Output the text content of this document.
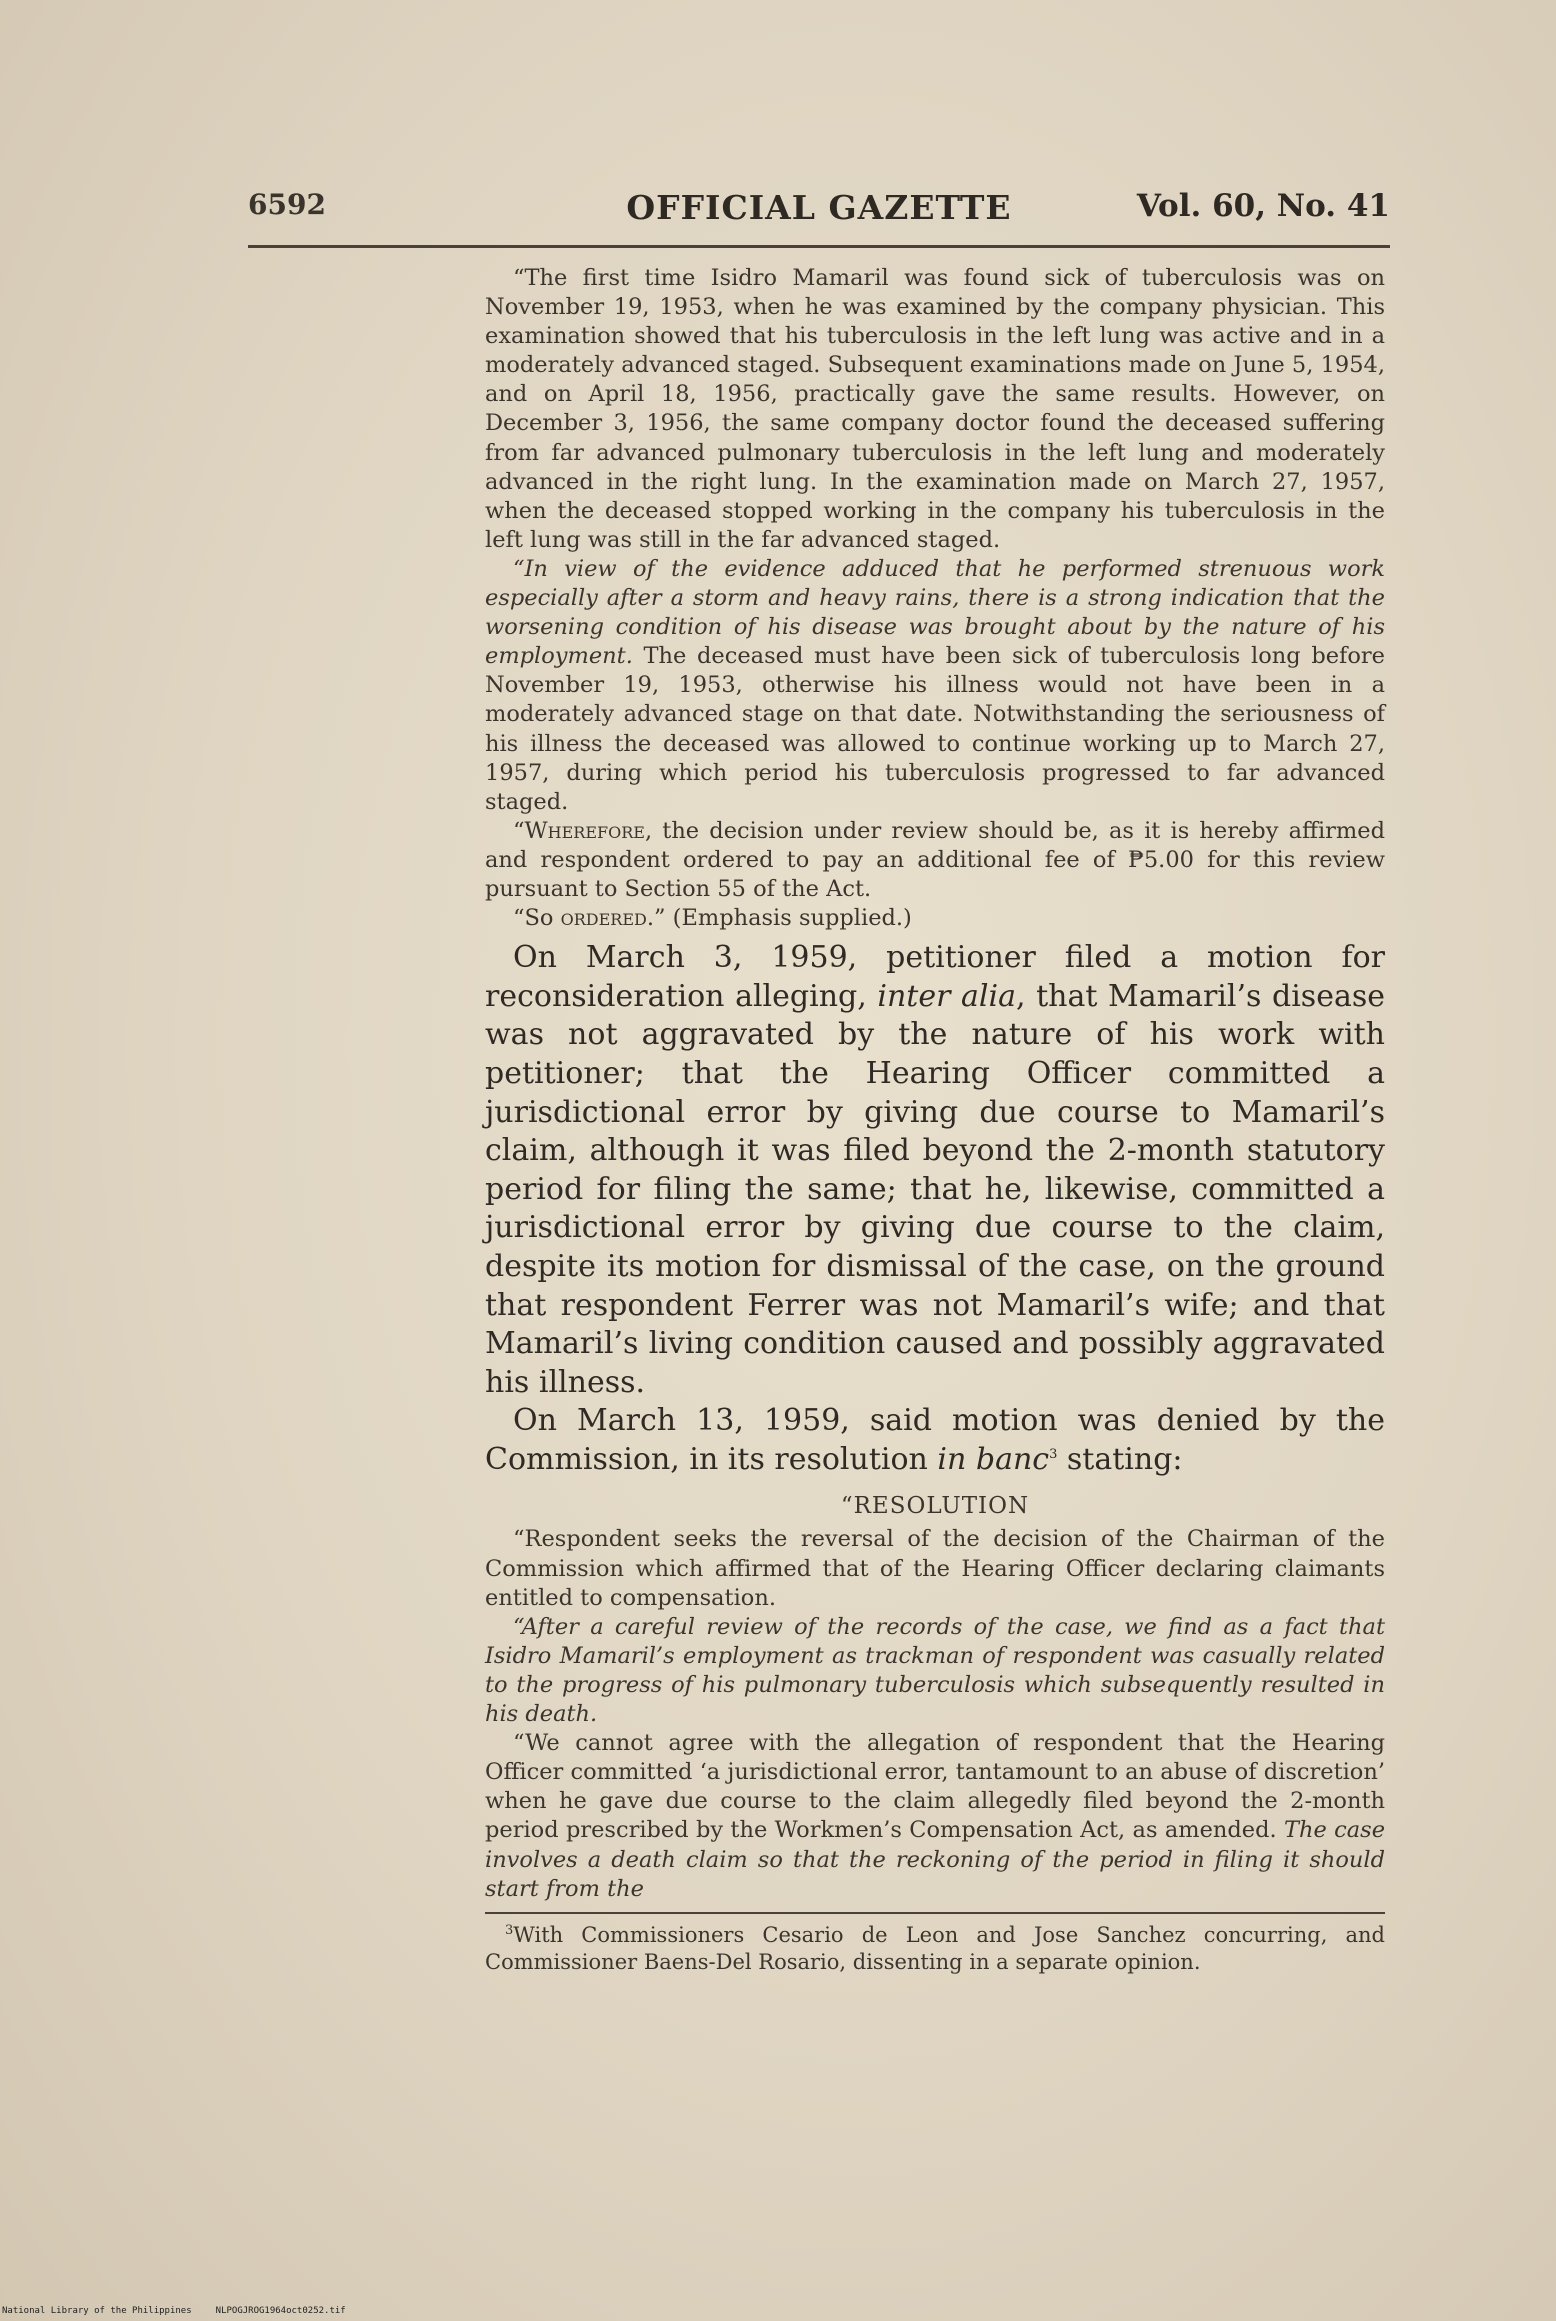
6592	OFFICIAL GAZETTE	Vol. 60, No. 41

“The first time Isidro Mamaril was found sick of tuberculosis was on November 19, 1953, when he was examined by the company physician. This examination showed that his tuberculosis in the left lung was active and in a moderately advanced staged. Subsequent examinations made on June 5, 1954, and on April 18, 1956, practically gave the same results. However, on December 3, 1956, the same company doctor found the deceased suffering from far advanced pulmonary tuberculosis in the left lung and moderately advanced in the right lung. In the examination made on March 27, 1957, when the deceased stopped working in the company his tuberculosis in the left lung was still in the far advanced staged.

“In view of the evidence adduced that he performed strenuous work especially after a storm and heavy rains, there is a strong indication that the worsening condition of his disease was brought about by the nature of his employment. The deceased must have been sick of tuberculosis long before November 19, 1953, otherwise his illness would not have been in a moderately advanced stage on that date. Notwithstanding the seriousness of his illness the deceased was allowed to continue working up to March 27, 1957, during which period his tuberculosis progressed to far advanced staged.

“Wherefore, the decision under review should be, as it is hereby affirmed and respondent ordered to pay an additional fee of ₱5.00 for this review pursuant to Section 55 of the Act.

“So ordered.” (Emphasis supplied.)

On March 3, 1959, petitioner filed a motion for reconsideration alleging, inter alia, that Mamaril’s disease was not aggravated by the nature of his work with petitioner; that the Hearing Officer committed a jurisdictional error by giving due course to Mamaril’s claim, although it was filed beyond the 2-month statutory period for filing the same; that he, likewise, committed a jurisdictional error by giving due course to the claim, despite its motion for dismissal of the case, on the ground that respondent Ferrer was not Mamaril’s wife; and that Mamaril’s living condition caused and possibly aggravated his illness.

On March 13, 1959, said motion was denied by the Commission, in its resolution in banc$^3$ stating:

“RESOLUTION

“Respondent seeks the reversal of the decision of the Chairman of the Commission which affirmed that of the Hearing Officer declaring claimants entitled to compensation.

“After a careful review of the records of the case, we find as a fact that Isidro Mamaril’s employment as trackman of respondent was casually related to the progress of his pulmonary tuberculosis which subsequently resulted in his death.

“We cannot agree with the allegation of respondent that the Hearing Officer committed ‘a jurisdictional error, tantamount to an abuse of discretion’ when he gave due course to the claim allegedly filed beyond the 2-month period prescribed by the Workmen’s Compensation Act, as amended. The case involves a death claim so that the reckoning of the period in filing it should start from the

$^3$With Commissioners Cesario de Leon and Jose Sanchez concurring, and Commissioner Baens-Del Rosario, dissenting in a separate opinion.

National Library of the Philippines	NLPOGJROG1964oct0252.tif
